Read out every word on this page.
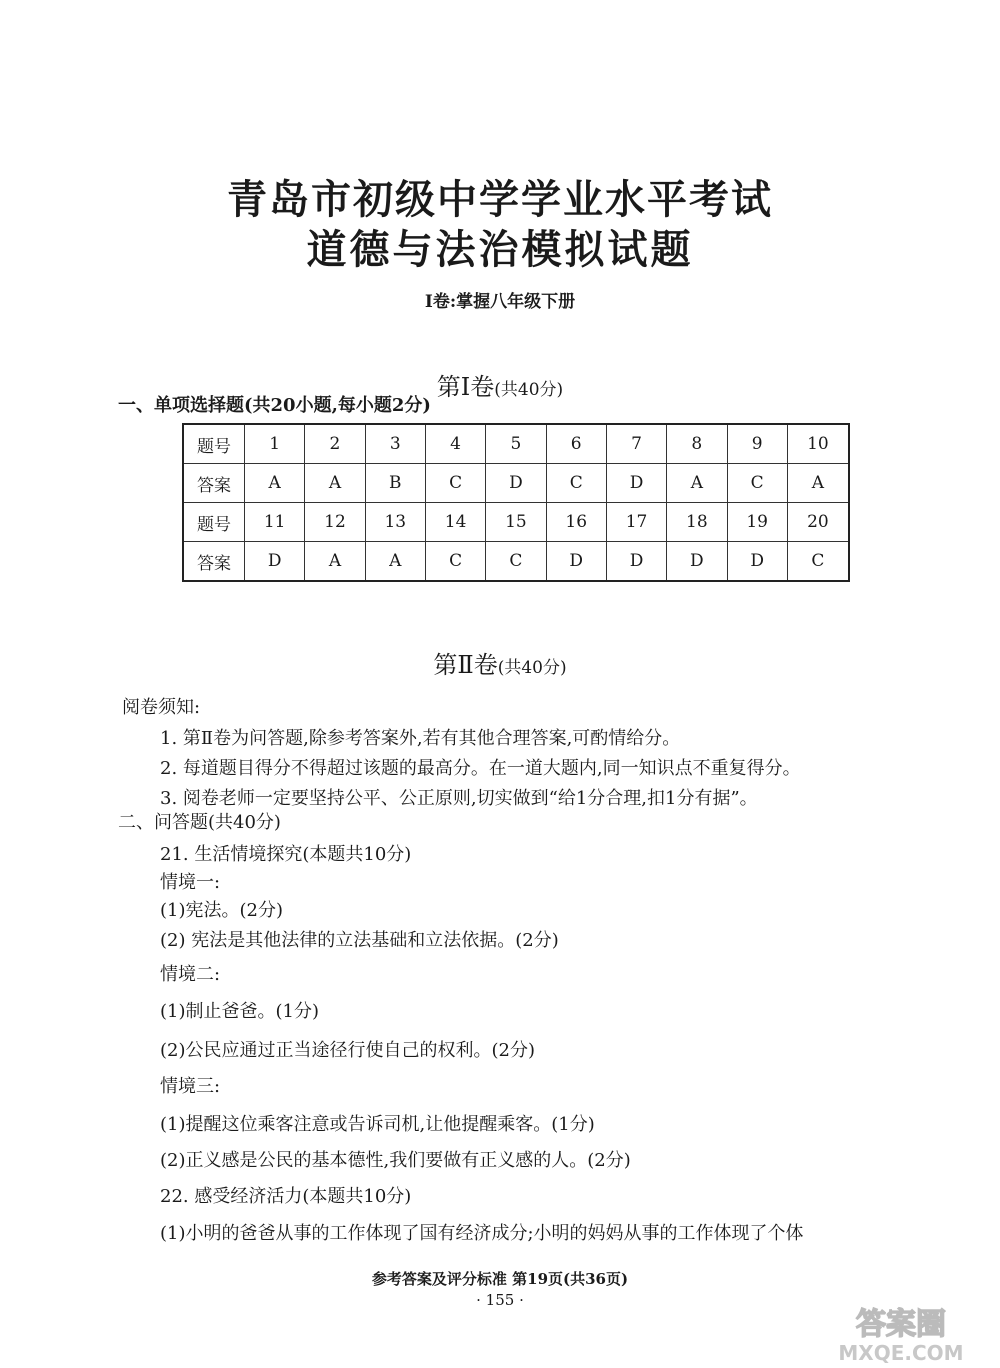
青岛市初级中学学业水平考试
道德与法治模拟试题
Ⅰ卷:掌握八年级下册
第Ⅰ卷(共40分)
一、单项选择题(共20小题,每小题2分)
题号	1	2	3	4	5	6	7	8	9	10
答案	A	A	B	C	D	C	D	A	C	A
题号	11	12	13	14	15	16	17	18	19	20
答案	D	A	A	C	C	D	D	D	D	C
第Ⅱ卷(共40分)
阅卷须知:
1. 第Ⅱ卷为问答题,除参考答案外,若有其他合理答案,可酌情给分。
2. 每道题目得分不得超过该题的最高分。在一道大题内,同一知识点不重复得分。
3. 阅卷老师一定要坚持公平、公正原则,切实做到“给1分合理,扣1分有据”。
二、问答题(共40分)
21. 生活情境探究(本题共10分)
情境一:
(1)宪法。(2分)
(2) 宪法是其他法律的立法基础和立法依据。(2分)
情境二:
(1)制止爸爸。(1分)
(2)公民应通过正当途径行使自己的权利。(2分)
情境三:
(1)提醒这位乘客注意或告诉司机,让他提醒乘客。(1分)
(2)正义感是公民的基本德性,我们要做有正义感的人。(2分)
22. 感受经济活力(本题共10分)
(1)小明的爸爸从事的工作体现了国有经济成分;小明的妈妈从事的工作体现了个体
参考答案及评分标准 第19页(共36页)
· 155 ·
答案圈
MXQE.COM
